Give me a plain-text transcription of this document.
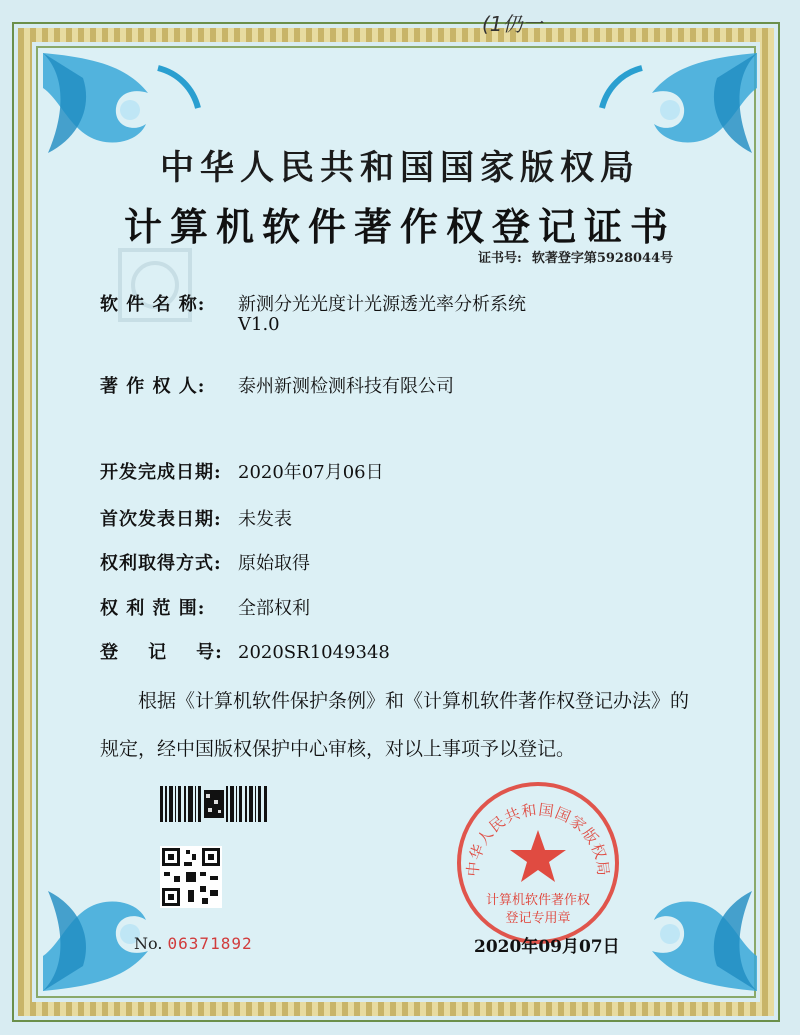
(1仍一
中华人民共和国国家版权局
计算机软件著作权登记证书
证书号: 软著登字第5928044号
软 件 名 称: 新测分光光度计光源透光率分析系统
V1.0
著 作 权 人: 泰州新测检测科技有限公司
开发完成日期: 2020年07月06日
首次发表日期: 未发表
权利取得方式: 原始取得
权 利 范 围: 全部权利
登    记    号: 2020SR1049348
根据《计算机软件保护条例》和《计算机软件著作权登记办法》的
规定，经中国版权保护中心审核，对以上事项予以登记。
No. 06371892
中华人民共和国国家版权局
计算机软件著作权
登记专用章
2020年09月07日
